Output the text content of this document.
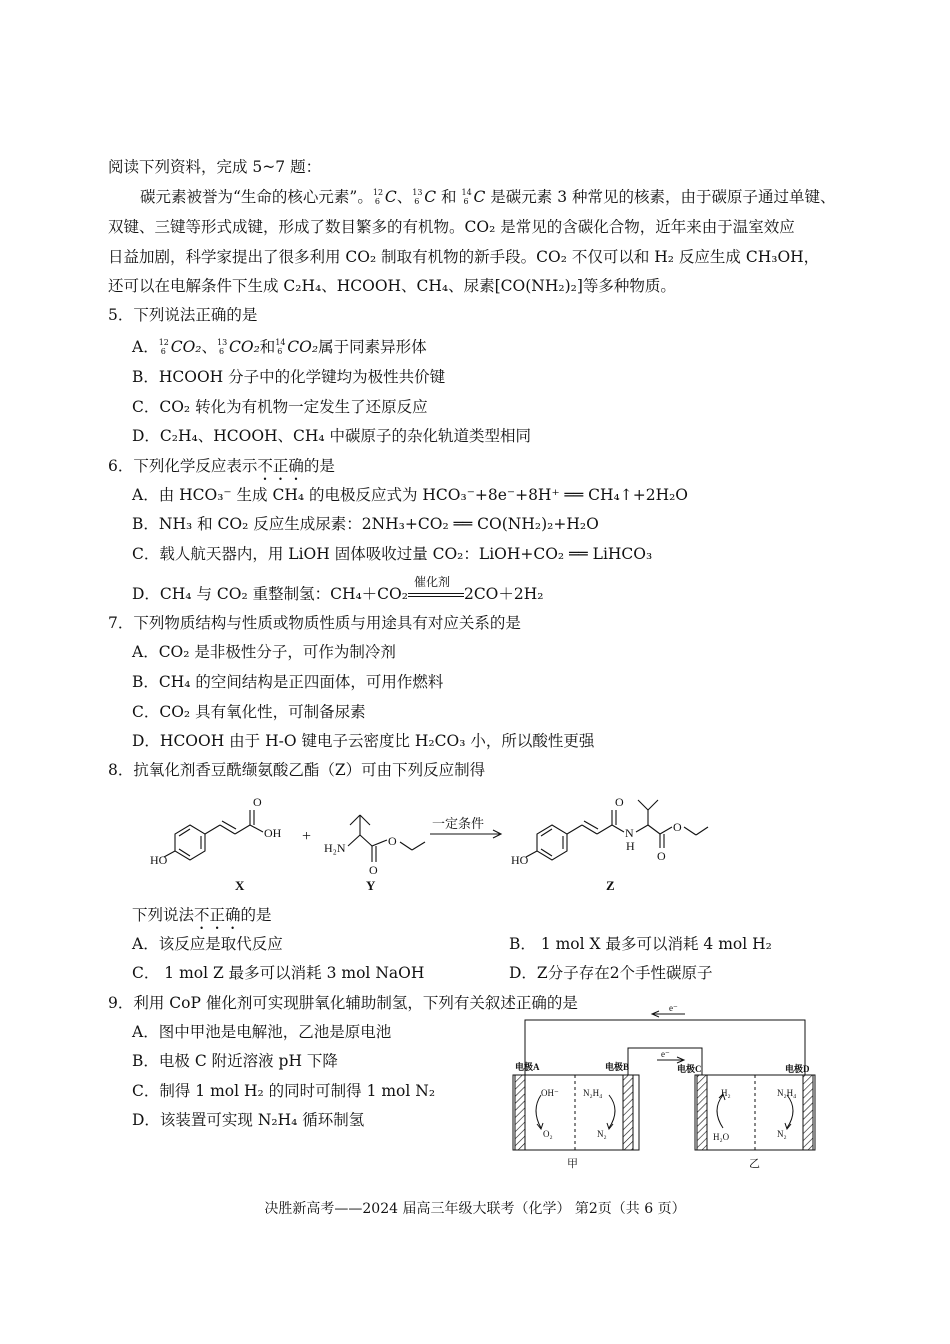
阅读下列资料，完成 5~7 题：
碳元素被誉为“生命的核心元素”。 12
6 C、 13
6 C 和 14
6 C 是碳元素 3 种常见的核素，由于碳原子通过单键、
双键、三键等形式成键，形成了数目繁多的有机物。CO₂ 是常见的含碳化合物，近年来由于温室效应
日益加剧，科学家提出了很多利用 CO₂ 制取有机物的新手段。CO₂ 不仅可以和 H₂ 反应生成 CH₃OH，
还可以在电解条件下生成 C₂H₄、HCOOH、CH₄、尿素[CO(NH₂)₂]等多种物质。
5．下列说法正确的是
A． 12
6 CO₂、 13
6 CO₂和 14
6 CO₂属于同素异形体
B．HCOOH 分子中的化学键均为极性共价键
C．CO₂ 转化为有机物一定发生了还原反应
D．C₂H₄、HCOOH、CH₄ 中碳原子的杂化轨道类型相同
6．下列化学反应表示不正确的是
A．由 HCO₃⁻ 生成 CH₄ 的电极反应式为 HCO₃⁻+8e⁻+8H⁺ ══ CH₄↑+2H₂O
B．NH₃ 和 CO₂ 反应生成尿素：2NH₃+CO₂ ══ CO(NH₂)₂+H₂O
C．载人航天器内，用 LiOH 固体吸收过量 CO₂：LiOH+CO₂ ══ LiHCO₃
D．CH₄ 与 CO₂ 重整制氢：CH₄＋CO₂
催化剂
2CO＋2H₂
7．下列物质结构与性质或物质性质与用途具有对应关系的是
A．CO₂ 是非极性分子，可作为制冷剂
B．CH₄ 的空间结构是正四面体，可用作燃料
C．CO₂ 具有氧化性，可制备尿素
D．HCOOH 由于 H-O 键电子云密度比 H₂CO₃ 小，所以酸性更强
8．抗氧化剂香豆酰缬氨酸乙酯（Z）可由下列反应制得
O
OH
HO
X
+
H₂N	O
O
Y
一定条件
O
N
H
O
O
HO
Z
下列说法不正确的是
A．该反应是取代反应	B． 1 mol X 最多可以消耗 4 mol H₂
C． 1 mol Z 最多可以消耗 3 mol NaOH	D．Z分子存在2个手性碳原子
9．利用 CoP 催化剂可实现肼氧化辅助制氢，下列有关叙述正确的是
A．图中甲池是电解池，乙池是原电池
B．电极 C 附近溶液 pH 下降
C．制得 1 mol H₂ 的同时可制得 1 mol N₂
D．该装置可实现 N₂H₄ 循环制氢
e⁻
e⁻
电极A	电极B	电极C	电极D
OH⁻
O₂
N₂H₄
N₂
H₂
H₂O
N₂H₄
N₂
甲	乙
决胜新高考——2024 届高三年级大联考（化学） 第2页（共 6 页）
